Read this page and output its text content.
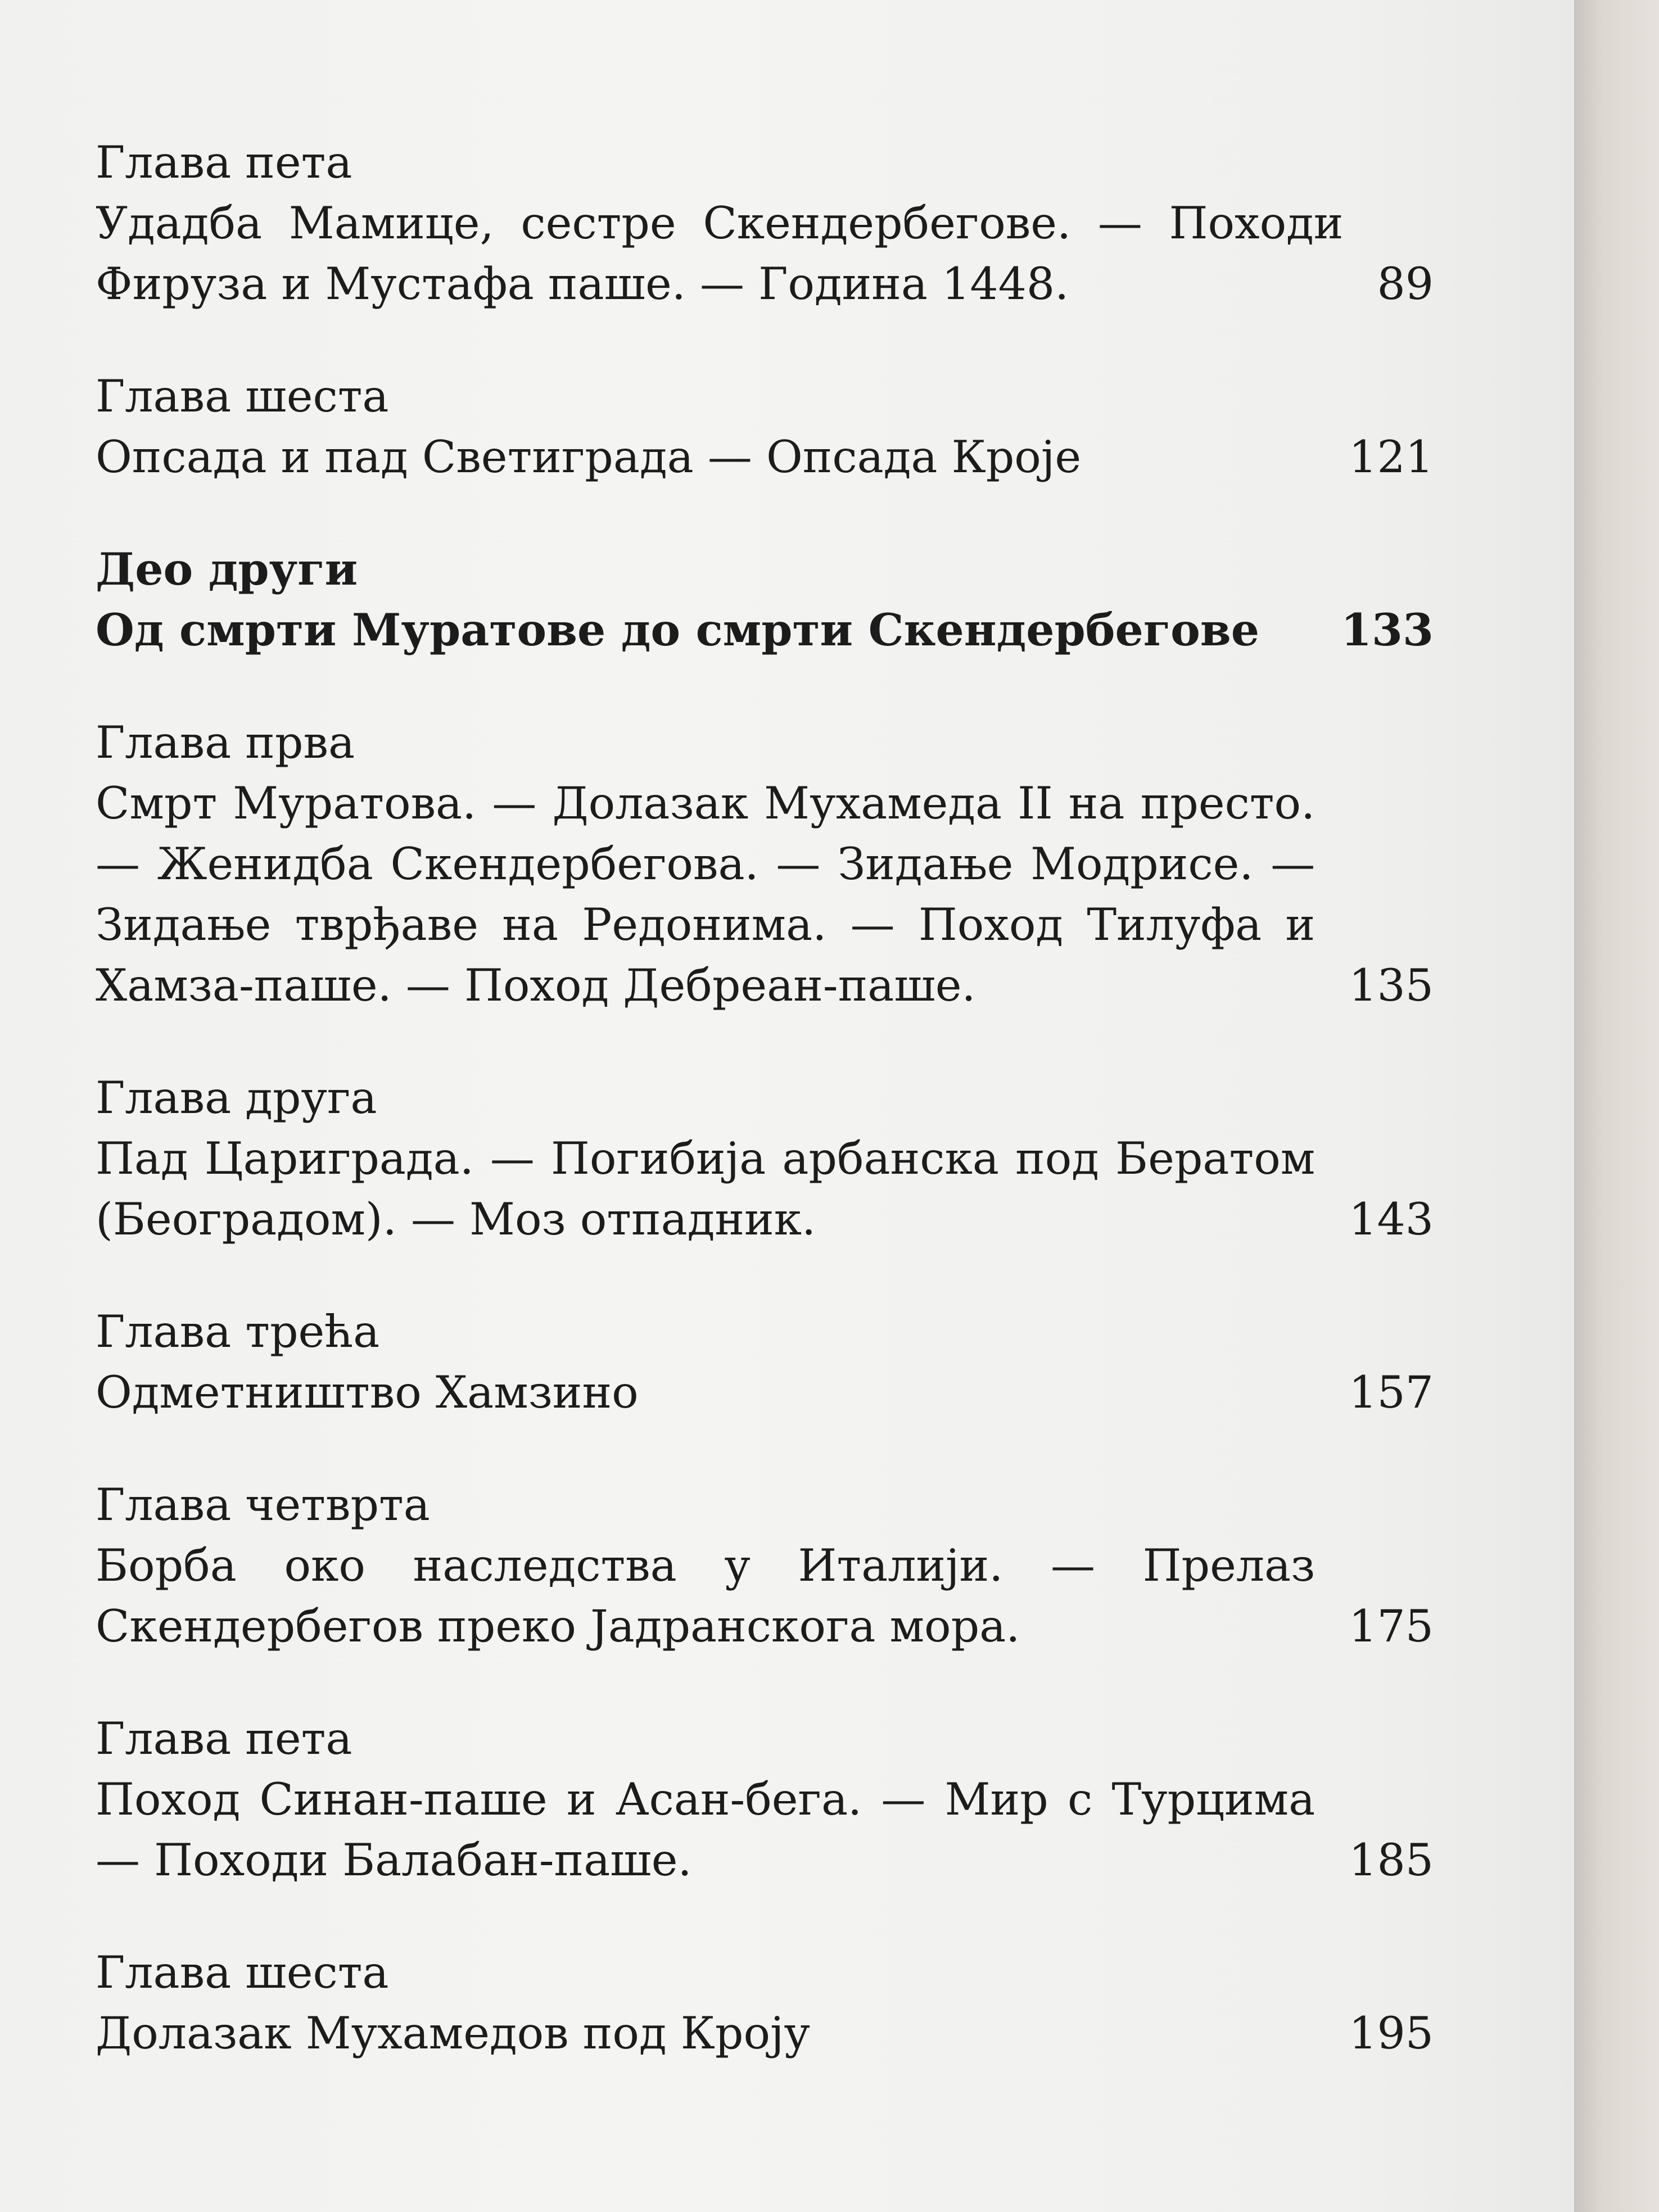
Глава пета
Удадба Мамице, сестре Скендербегове. — Походи Фируза и Мустафа паше. — Година 1448.	89
Глава шеста
Опсада и пад Светиграда — Опсада Кроје	121
Део други
Од смрти Муратове до смрти Скендербегове	133
Глава прва
Смрт Муратова. — Долазак Мухамеда II на престо. — Женидба Скендербегова. — Зидање Модрисе. — Зидање тврђаве на Редонима. — Поход Тилуфа и Хамза-паше. — Поход Дебреан-паше.	135
Глава друга
Пад Цариграда. — Погибија арбанска под Бератом (Београдом). — Моз отпадник.	143
Глава трећа
Одметништво Хамзино	157
Глава четврта
Борба око наследства у Италији. — Прелаз Скендербегов преко Јадранскога мора.	175
Глава пета
Поход Синан-паше и Асан-бега. — Мир с Турцима — Походи Балабан-паше.	185
Глава шеста
Долазак Мухамедов под Кроју	195
